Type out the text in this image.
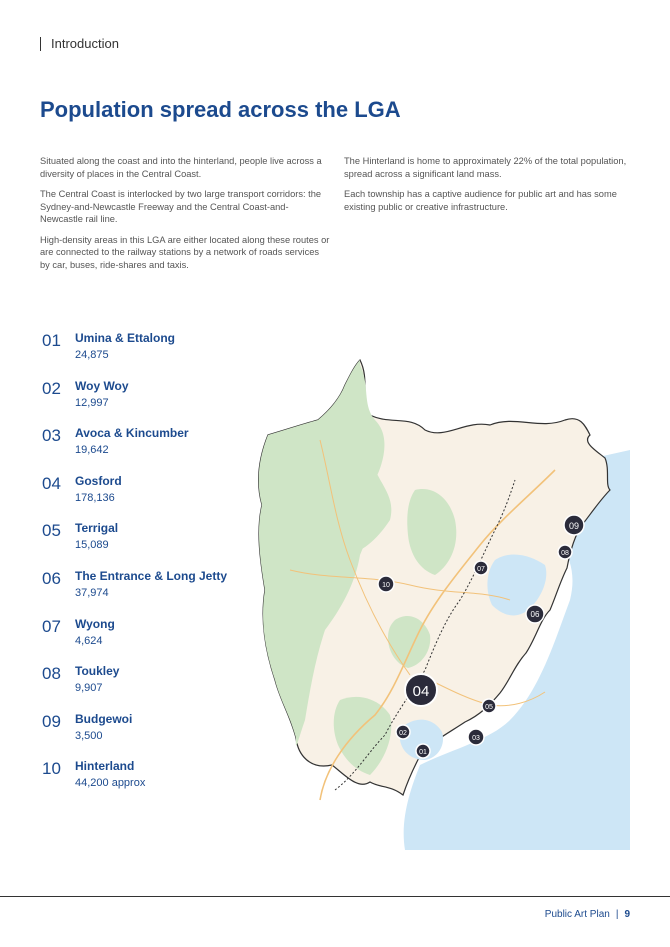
Introduction
Population spread across the LGA

Situated along the coast and into the hinterland, people live across a diversity of places in the Central Coast.

The Central Coast is interlocked by two large transport corridors: the Sydney-and-Newcastle Freeway and the Central Coast-and-Newcastle rail line.

High-density areas in this LGA are either located along these routes or are connected to the railway stations by a network of roads services by car, buses, ride-shares and taxis.

The Hinterland is home to approximately 22% of the total population, spread across a significant land mass.

Each township has a captive audience for public art and has some existing public or creative infrastructure.

01
02
03
04
05
06
07
08
09
10
01 Umina & Ettalong
24,875
02 Woy Woy
12,997
03 Avoca & Kincumber
19,642
04 Gosford
178,136
05 Terrigal
15,089
06 The Entrance & Long Jetty
37,974
07 Wyong
4,624
08 Toukley
9,907
09 Budgewoi
3,500
10 Hinterland
44,200 approx
Public Art Plan | 9
